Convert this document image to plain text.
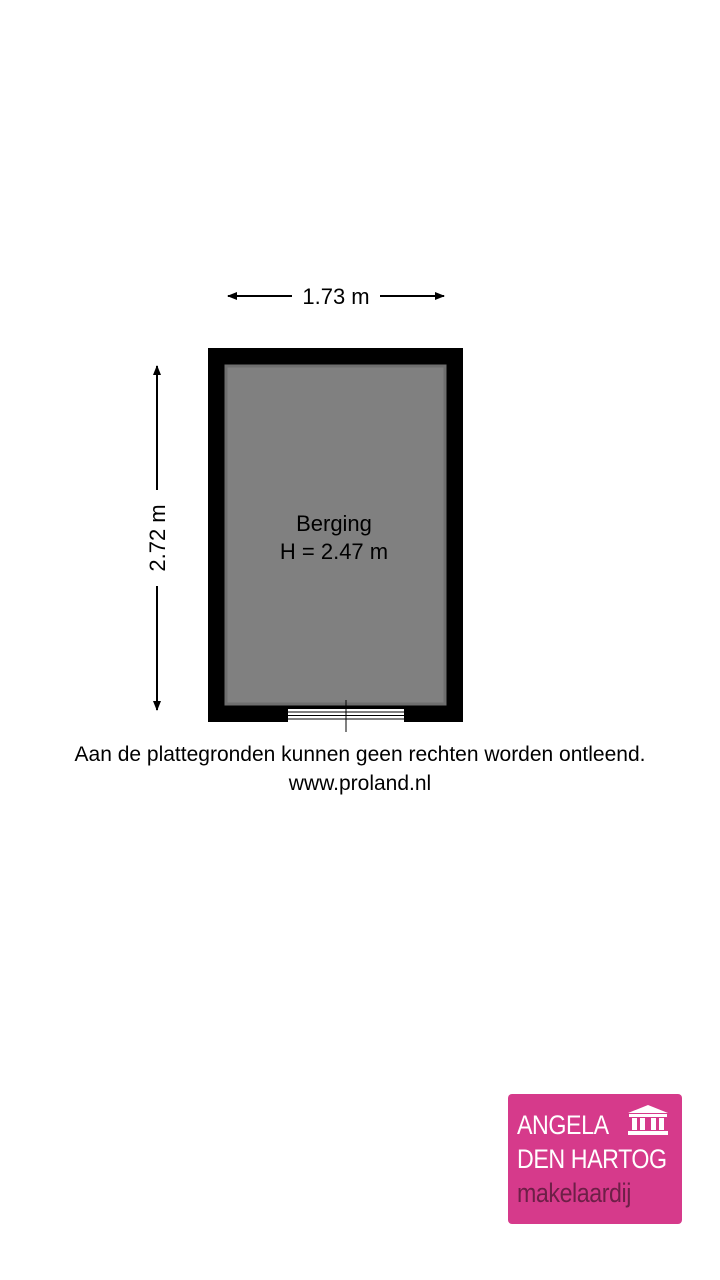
1.73 m
2.72 m	Berging
H = 2.47 m
Aan de plattegronden kunnen geen rechten worden ontleend.
www.proland.nl
ANGELA
DEN HARTOG
makelaardij
